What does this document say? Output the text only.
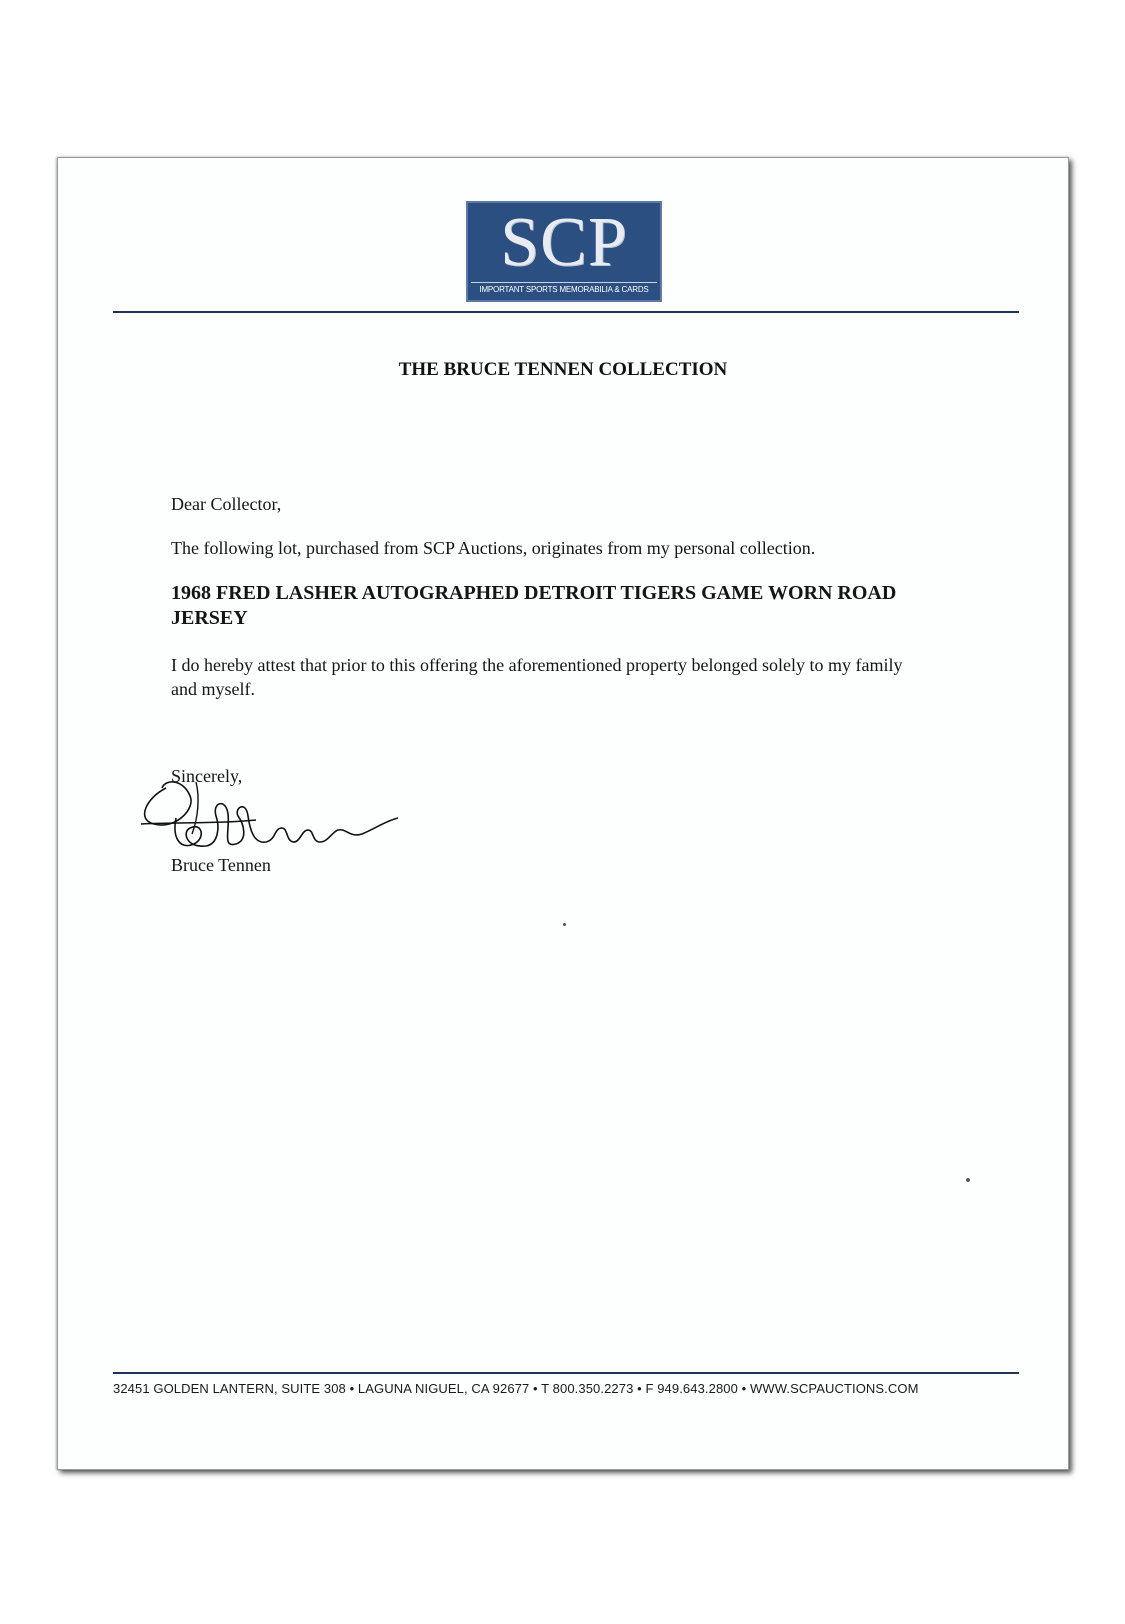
SCP
IMPORTANT SPORTS MEMORABILIA & CARDS
THE BRUCE TENNEN COLLECTION
Dear Collector,
The following lot, purchased from SCP Auctions, originates from my personal collection.
1968 FRED LASHER AUTOGRAPHED DETROIT TIGERS GAME WORN ROAD JERSEY
I do hereby attest that prior to this offering the aforementioned property belonged solely to my family and myself.
Sincerely,
Bruce Tennen
32451 GOLDEN LANTERN, SUITE 308 • LAGUNA NIGUEL, CA 92677 • T 800.350.2273 • F 949.643.2800 • WWW.SCPAUCTIONS.COM
